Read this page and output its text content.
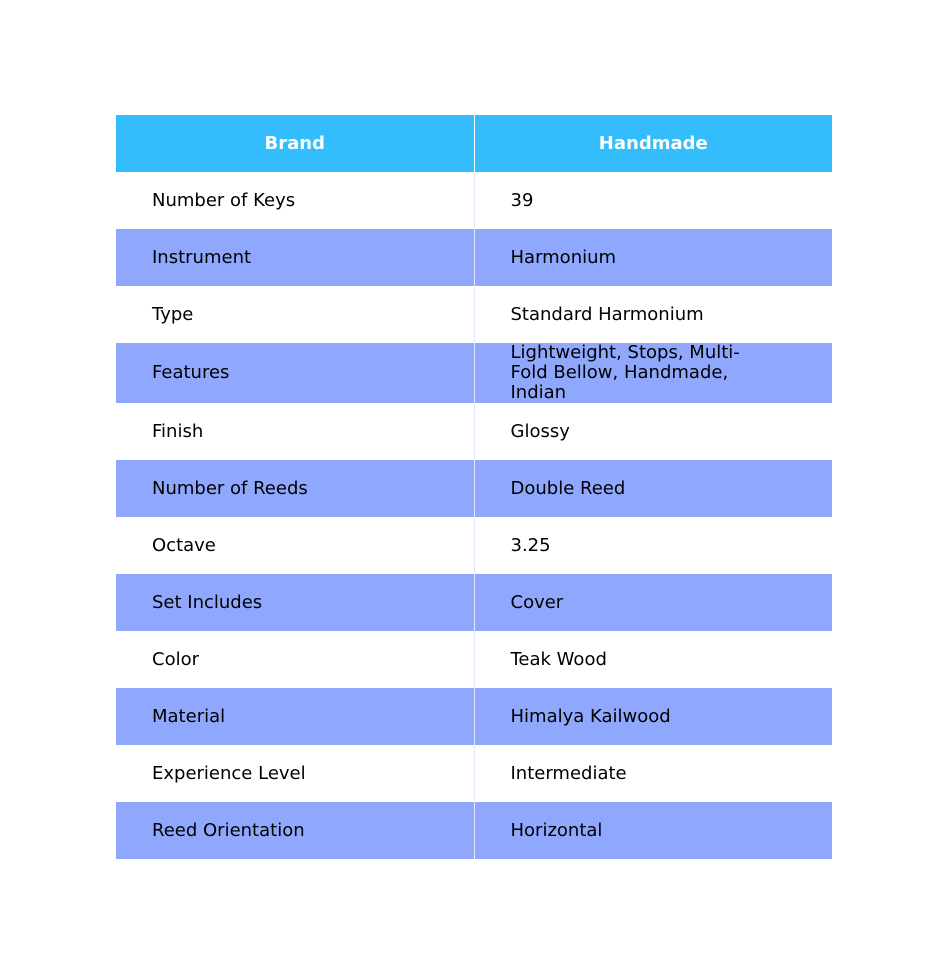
Brand	Handmade
Number of Keys	39
Instrument	Harmonium
Type	Standard Harmonium
Features	Lightweight, Stops, Multi-Fold Bellow, Handmade, Indian
Finish	Glossy
Number of Reeds	Double Reed
Octave	3.25
Set Includes	Cover
Color	Teak Wood
Material	Himalya Kailwood
Experience Level	Intermediate
Reed Orientation	Horizontal
